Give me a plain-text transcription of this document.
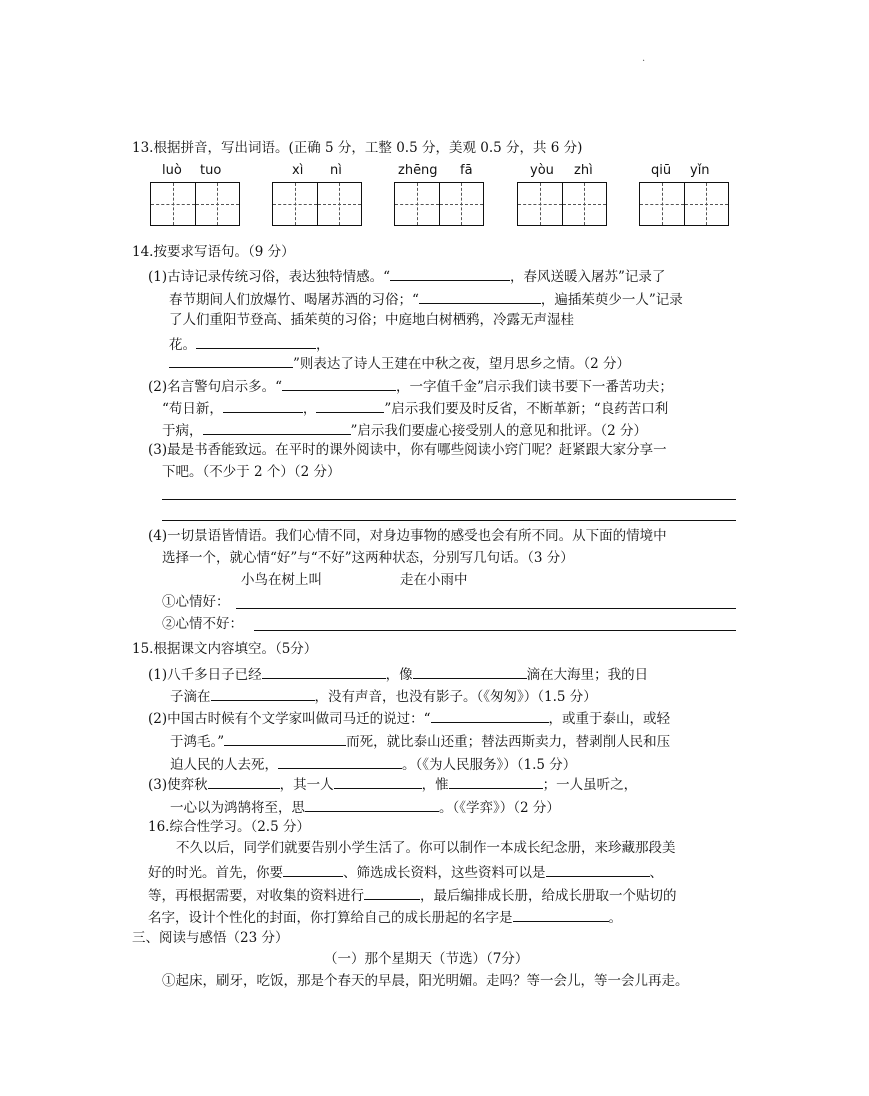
·
13.根据拼音，写出词语。(正确 5 分，工整 0.5 分，美观 0.5 分，共 6 分)
luò tuo	xì nì	zhēng fā	yòu zhì	qiū yǐn
14.按要求写语句。（9 分）
(1)古诗记录传统习俗，表达独特情感。“	，春风送暖入屠苏”记录了
春节期间人们放爆竹、喝屠苏酒的习俗；“	，遍插茱萸少一人”记录
了人们重阳节登高、插茱萸的习俗；中庭地白树栖鸦，冷露无声湿桂
花。	，
”则表达了诗人王建在中秋之夜，望月思乡之情。（2 分）
(2)名言警句启示多。“	，一字值千金”启示我们读书要下一番苦功夫；
“苟日新，	，	”启示我们要及时反省，不断革新；“良药苦口利
于病，	”启示我们要虚心接受别人的意见和批评。（2 分）
(3)最是书香能致远。在平时的课外阅读中，你有哪些阅读小窍门呢？赶紧跟大家分享一
下吧。（不少于 2 个）（2 分）
(4)一切景语皆情语。我们心情不同，对身边事物的感受也会有所不同。从下面的情境中
选择一个，就心情“好”与“不好”这两种状态，分别写几句话。（3 分）
小鸟在树上叫	走在小雨中
①心情好：
②心情不好：
15.根据课文内容填空。（5分）
(1)八千多日子已经	，像	滴在大海里；我的日
子滴在	，没有声音，也没有影子。（《匆匆》）（1.5 分）
(2)中国古时候有个文学家叫做司马迁的说过：“	，或重于泰山，或轻
于鸿毛。”	而死，就比泰山还重；替法西斯卖力，替剥削人民和压
迫人民的人去死，	。（《为人民服务》）（1.5 分）
(3)使弈秋	，其一人	，惟	；一人虽听之，
一心以为鸿鹄将至，思	。（《学弈》）（2 分）
16.综合性学习。（2.5 分）
不久以后，同学们就要告别小学生活了。你可以制作一本成长纪念册，来珍藏那段美
好的时光。首先，你要	、筛选成长资料，这些资料可以是	、
等，再根据需要，对收集的资料进行	，最后编排成长册，给成长册取一个贴切的
名字，设计个性化的封面，你打算给自己的成长册起的名字是	。
三、阅读与感悟（23 分）
（一）那个星期天（节选）（7分）
①起床，刷牙，吃饭，那是个春天的早晨，阳光明媚。走吗？等一会儿，等一会儿再走。
